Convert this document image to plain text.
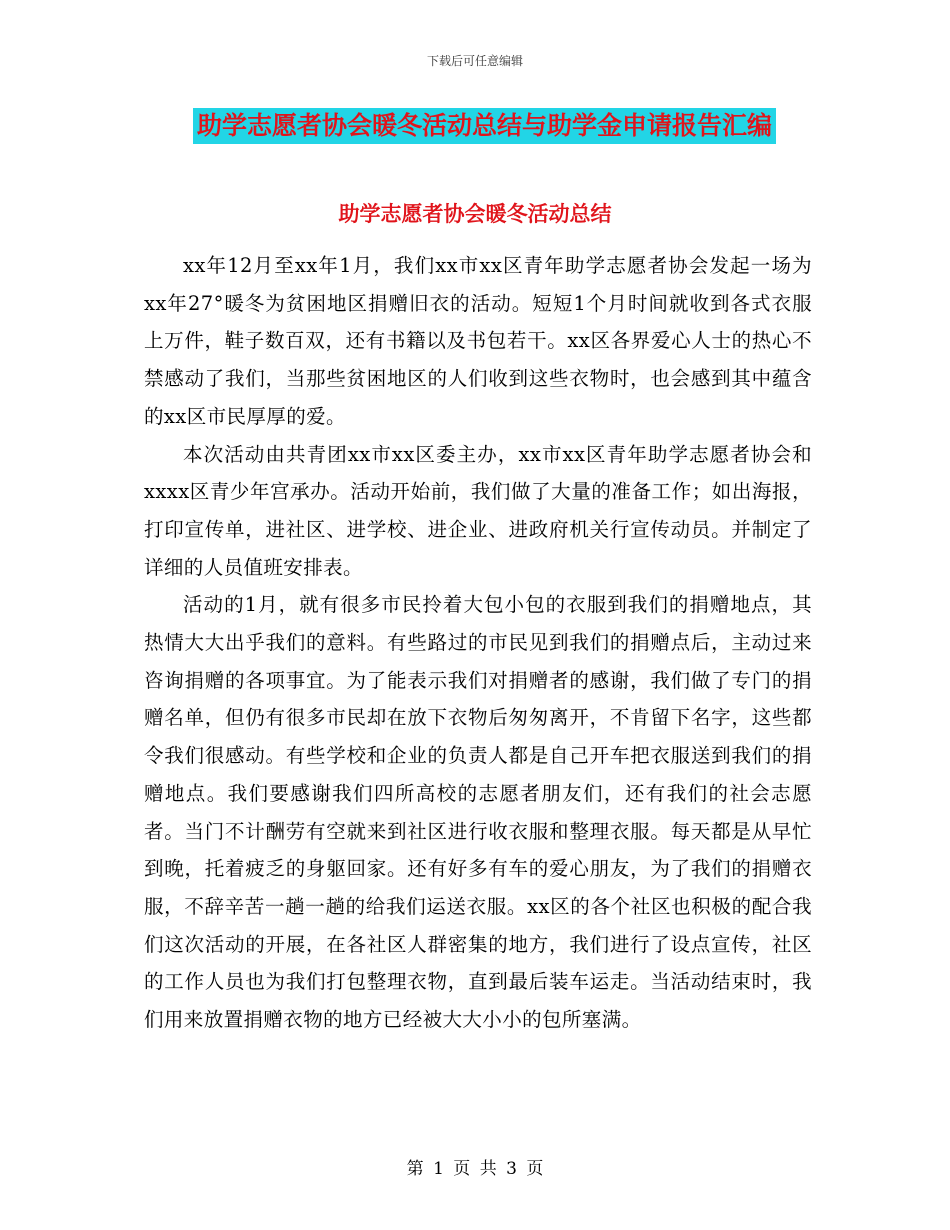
下载后可任意编辑
助学志愿者协会暖冬活动总结与助学金申请报告汇编
助学志愿者协会暖冬活动总结

xx年12月至xx年1月，我们xx市xx区青年助学志愿者协会发起一场为xx年27°暖冬为贫困地区捐赠旧衣的活动。短短1个月时间就收到各式衣服上万件，鞋子数百双，还有书籍以及书包若干。xx区各界爱心人士的热心不禁感动了我们，当那些贫困地区的人们收到这些衣物时，也会感到其中蕴含的xx区市民厚厚的爱。

本次活动由共青团xx市xx区委主办，xx市xx区青年助学志愿者协会和xxxx区青少年宫承办。活动开始前，我们做了大量的准备工作；如出海报，打印宣传单，进社区、进学校、进企业、进政府机关行宣传动员。并制定了详细的人员值班安排表。

活动的1月，就有很多市民拎着大包小包的衣服到我们的捐赠地点，其热情大大出乎我们的意料。有些路过的市民见到我们的捐赠点后，主动过来咨询捐赠的各项事宜。为了能表示我们对捐赠者的感谢，我们做了专门的捐赠名单，但仍有很多市民却在放下衣物后匆匆离开，不肯留下名字，这些都令我们很感动。有些学校和企业的负责人都是自己开车把衣服送到我们的捐赠地点。我们要感谢我们四所高校的志愿者朋友们，还有我们的社会志愿者。当门不计酬劳有空就来到社区进行收衣服和整理衣服。每天都是从早忙到晚，托着疲乏的身躯回家。还有好多有车的爱心朋友，为了我们的捐赠衣服，不辞辛苦一趟一趟的给我们运送衣服。xx区的各个社区也积极的配合我们这次活动的开展，在各社区人群密集的地方，我们进行了设点宣传，社区的工作人员也为我们打包整理衣物，直到最后装车运走。当活动结束时，我们用来放置捐赠衣物的地方已经被大大小小的包所塞满。

第 1 页 共 3 页
